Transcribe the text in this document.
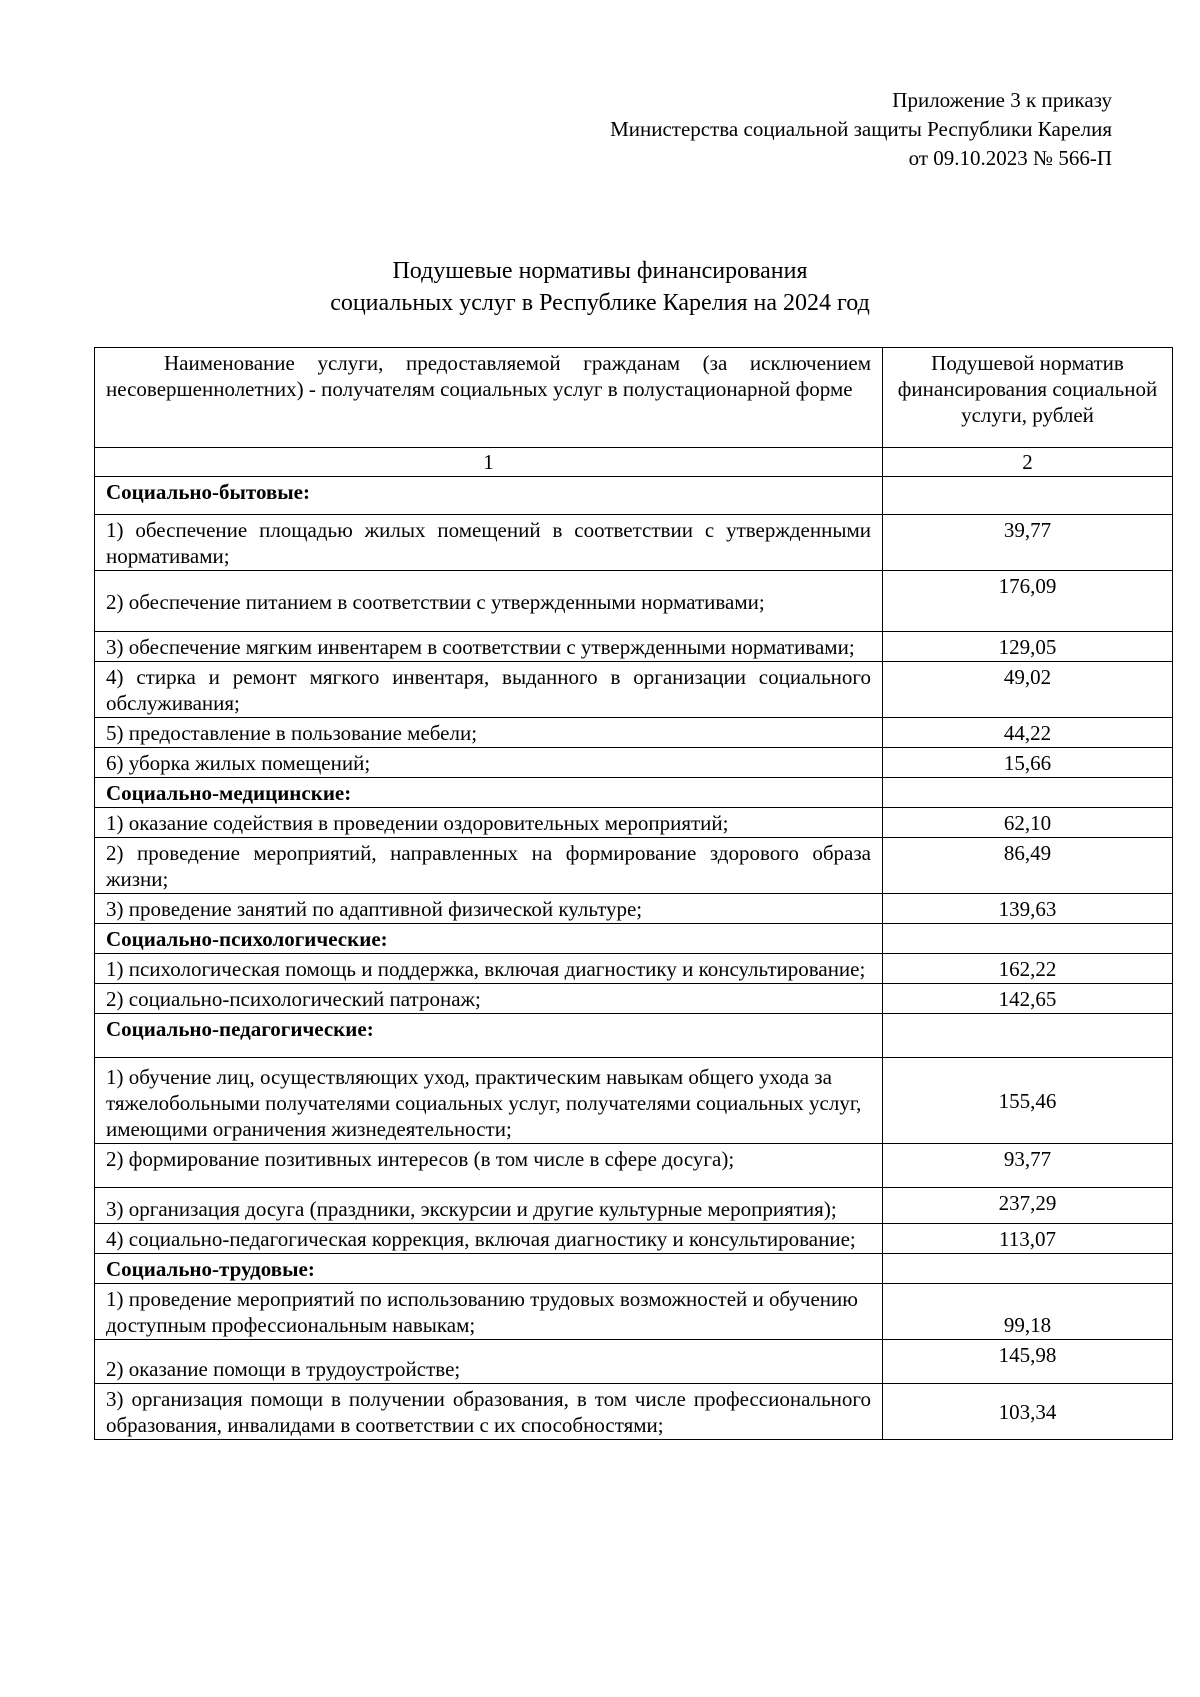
Приложение 3 к приказу
Министерства социальной защиты Республики Карелия
от 09.10.2023 № 566-П
Подушевые нормативы финансирования
социальных услуг в Республике Карелия на 2024 год
Наименование услуги, предоставляемой гражданам (за исключением несовершеннолетних) - получателям социальных услуг в полустационарной форме	Подушевой норматив финансирования социальной услуги, рублей
1	2
Социально-бытовые:	
1) обеспечение площадью жилых помещений в соответствии с утвержденными нормативами;	39,77
2) обеспечение питанием в соответствии с утвержденными нормативами;	176,09
3) обеспечение мягким инвентарем в соответствии с утвержденными нормативами;	129,05
4) стирка и ремонт мягкого инвентаря, выданного в организации социального обслуживания;	49,02
5) предоставление в пользование мебели;	44,22
6) уборка жилых помещений;	15,66
Социально-медицинские:	
1) оказание содействия в проведении оздоровительных мероприятий;	62,10
2) проведение мероприятий, направленных на формирование здорового образа жизни;	86,49
3) проведение занятий по адаптивной физической культуре;	139,63
Социально-психологические:	
1) психологическая помощь и поддержка, включая диагностику и консультирование;	162,22
2) социально-психологический патронаж;	142,65
Социально-педагогические:	
1) обучение лиц, осуществляющих уход, практическим навыкам общего ухода за тяжелобольными получателями социальных услуг, получателями социальных услуг, имеющими ограничения жизнедеятельности;	155,46
2) формирование позитивных интересов (в том числе в сфере досуга);	93,77
3) организация досуга (праздники, экскурсии и другие культурные мероприятия);	237,29
4) социально-педагогическая коррекция, включая диагностику и консультирование;	113,07
Социально-трудовые:	
1) проведение мероприятий по использованию трудовых возможностей и обучению доступным профессиональным навыкам;	99,18
2) оказание помощи в трудоустройстве;	145,98
3) организация помощи в получении образования, в том числе профессионального образования, инвалидами в соответствии с их способностями;	103,34
